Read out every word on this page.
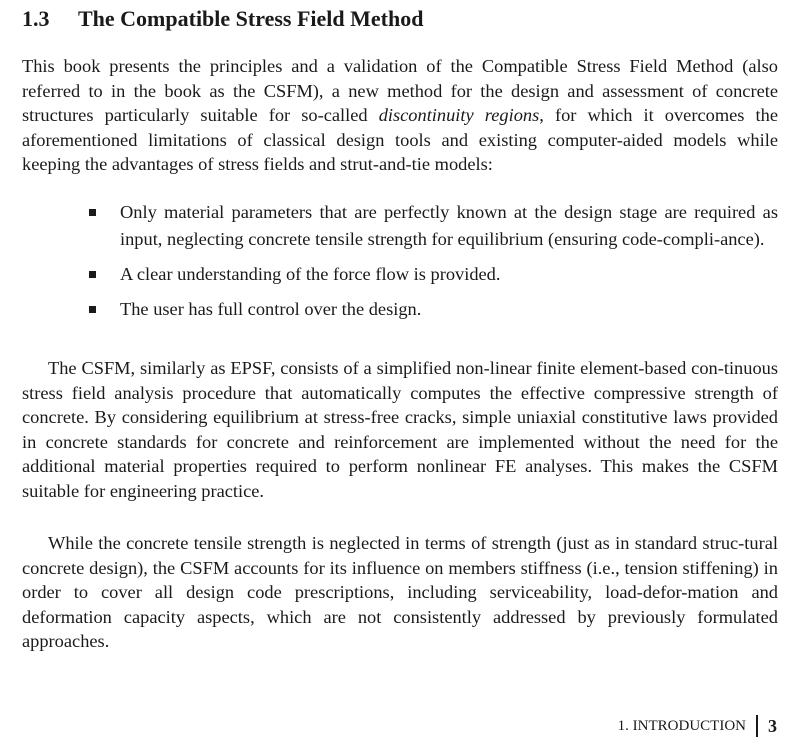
1.3 The Compatible Stress Field Method

This book presents the principles and a validation of the Compatible Stress Field Method (also referred to in the book as the CSFM), a new method for the design and assessment of concrete structures particularly suitable for so-called discontinuity regions, for which it overcomes the aforementioned limitations of classical design tools and existing computer-aided models while keeping the advantages of stress fields and strut-and-tie models:

Only material parameters that are perfectly known at the design stage are required as input, neglecting concrete tensile strength for equilibrium (ensuring code-compli-ance).
A clear understanding of the force flow is provided.
The user has full control over the design.

The CSFM, similarly as EPSF, consists of a simplified non-linear finite element-based con-tinuous stress field analysis procedure that automatically computes the effective compressive strength of concrete. By considering equilibrium at stress-free cracks, simple uniaxial constitutive laws provided in concrete standards for concrete and reinforcement are implemented without the need for the additional material properties required to perform nonlinear FE analyses. This makes the CSFM suitable for engineering practice.

While the concrete tensile strength is neglected in terms of strength (just as in standard struc-tural concrete design), the CSFM accounts for its influence on members stiffness (i.e., tension stiffening) in order to cover all design code prescriptions, including serviceability, load-defor-mation and deformation capacity aspects, which are not consistently addressed by previously formulated approaches.

1. INTRODUCTION 3
